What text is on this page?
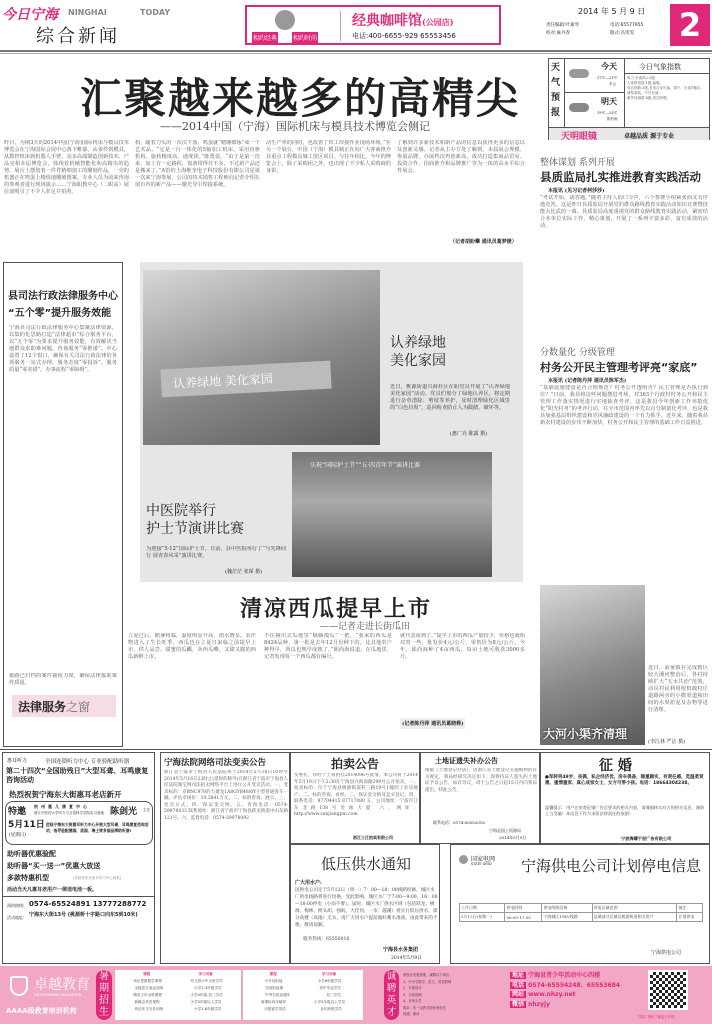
今日宁海 NINGHAI	TODAY
综合新闻	相约经典	相约时尚
经典咖啡馆(公园店)
电话:400-6655-929 65553456
2014 年 5 月 9 日
责任编辑:叶素琴	电话:65577955
校对:麻丹春	版式:冯雯雯 2
汇聚越来越多的高精尖
——2014中国（宁海）国际机床与模具技术博览会侧记
昨日，为期3天的2014中国(宁海)国际机床与模具技术博览会在宁海国际会展中心落下帷幕。从零件到模具，从数控机床到机器人手臂，众多高端制造创新技术、产品亮相本届博览会，体现着机械智能化和高精尖的趋势。展台上摆放着一件件精细加工的雕刻作品，一旁的机器正在鸣蛋上精炼地雕刻图案。专业人员为前来咨询的参观者进行现场演示……宁海职教中心（二职高）展位前吸引了不少人驻足并拍照。
构，随着刀头的一次次下落，鸣蛋就“精雕细琢”成一个艺术品。“它是一台一体化的5轴加工机床，采用直驱机构，旋转精度高，速度快。”陈勇说。“由于是第一次来，加上有一定路程，设备带得并不多，不过新产品还是搬来了。”A馆的上海维奎电子科技股份有限公司是第一次来宁海参展，公司的技术销售工程师向记者介绍在展台内的新产品——激光导引焊接系统。
动生产率的同时，也改善了焊工焊接作业现场环境。”在另一个展台，中国（宁海）模具城正在向广大客商推介县重点工程模具城工贸区项目。与往年相比，今年的博览会上，除了采购团之外，也出现了不少私人采购商的身影。
了解到许多新技术和新产品的信息以获得更多的信息以及创新灵感。记者从主办方处了解到，本届展会规模、参展品牌、办展档次再创新高，成功打造集商品贸易、投资合作、招商推介和品牌推广等为一体的高水平综合性展会。
（记者胡盼攀 通讯员葛梦捷）
天气预报
今天
17℃—21℃
多云
明天
19℃—25℃
阴有雨
今日气象指数
风力:东南风2-3级
人体舒适度:1级,偏暖。
穿衣指数:3级,宜适合穿长袖、裙子、长袖T恤衫、薄型套装、牛仔长裤。
紫外线指数:4级,须注防晒。
天明眼镜	卓越品质 源于专业
整体谋划 系列开展
县质监局扎实推进教育实践活动
本报讯 (见习记者柯莎莎)
“考试开始，请答题。”随着主持人的口令声，六个参赛小组紧张而又有序地竞答。这是昨日县质监局开展党的群众路线教育实践活动知识竞赛暨技能大比武的一幕。县质监局高度重视党的群众路线教育实践活动，紧密结合本单位实际工作，精心策划，开展了一系列丰富多彩、富有成效的活动。
分数量化 分级管理
村务公开民主管理考评亮“家底”
本报讯 (记者陈丹萍 通讯员陈军杰)
“基础设施建设是否合理规范？村务公开透明否？民主管理是否执行到位？”日前，我县将这些问题摆进考场，对363个行政村村务公开和民主管理工作落实情况进行实地抽查考评。这是我县今年创新工作举措优化“阳光村务”的考评行动，在全市范围内率先以百分制量化考评，也是我县加强基层组织建设和党风廉政建设的一个有力抓手。近年来，随着我县新农村建设的步伐不断加快，村务公开和民主管理的基础工作日益推进。
大河小渠齐清理
近日，前童镇在完成辖区较大溪河整治后，各村持续扩大“五水共治”范围，动员村民利用挖机疏村庄道路两旁的小微渠道和田间的水渠淤泥及杂物等进行清理。
(李江林 严洁 摄)
县司法行政法律服务中心
“五个零”提升服务效能
宁海县司法行政法律服务中心集聚法律资源，以集约化思路打造“法律超市”综合服务平台，以“五个零”为要求提升服务效能，有效解决当地群众求助难问题。咨询服务“零推诿”。中心设置了12个窗口，确保有关司法行政法律的各项服务一站式办理。服务态度“零投诉”。服务质量“零差错”。办事流程“零障碍”。
拨路已归档的案件抽检力度，确保法律援助案件质量。
法律服务之窗
认养绿地 美化家园
认养绿地
美化家园
近日，桃源街道兴海社区在职党员开展了“认养绿地 美化家园”活动。党员们划分了绿地认养区，将定期进行杂草清除、剪枝等养护，及时清理绿化区域里的“白色垃圾”，巡回检查防止人为践踏、破坏等。
(惠广亮 陈露 摄)
庆祝“国际护士节”“五·四青年节”演讲比赛
中医院举行
护士节演讲比赛
为迎接“5·12”国际护士节，日前，县中医院举行了“与先锋同行 展青春风采”演讲比赛。
(魏茫茫 张琛 摄)
清凉西瓜提早上市
——记者走进长街瓜田
立夏过后，酷暑将临，温度明显升高，雨水增多，农作物进入了生长旺季。西瓜也在立夏日来临之前提早上市，供人品尝。甜蜜的瓜瓤，卖西瓜嘞，又甜又脆的西瓜新鲜上市。
不住摘出去瓜地里“顺藤摸瓜”一把。“我家的西瓜是8424品种，第一批是去年12月份种下的，比其他农户种得早，所以也熟早成熟了。”邱尚海说道。在瓜地里，记者发现每一个西瓜都有编号。
就代表成熟了。”提早上市的西瓜产量较少，价格也就相对贵一些，批发价4元/公斤，零售价为8元/公斤。今年，邱尚海种了4亩西瓜，每亩土地可收获3000多斤。
(记者陈丹萍 通讯员葛晓桦)
惠耳听力	全国连锁听力中心 专业验配助听器
第二十四次“全国助残日”大型耳聋、耳鸣康复咨询活动
热烈祝贺宁海东大街惠耳老店新开
特邀
杭州惠儿康复中心
浙江中医药大学听力与言语科学学院实习基地 陈剑光 主任
5月11日
(星期日)
莅临宁海东大街惠耳听力中心开展大型耳聋、耳鸣康复咨询活动，指导验配德国、美国、瑞士等多国品牌助听器!
助听器优惠验配
助听器“买一送一”优惠大放送
多款特惠机型	(详情请见各惠耳听力中心海报)
活动当天凡惠耳老用户一律送电池一板。
预约热线: 0574-65524891 13777288772
活动地址: 宁海东大街13号 (桃源桥十字路口向东5到10米)
宁海法院网络司法变卖公告
浙江省宁波市宁海县人民法院将于2014年5月16日10时至2014年5月16日22时止(延时的除外)在浙江省宁波市宁海县人民法院淘宝网司法拍卖网络平台上进行公开变卖活动。一、变卖标的：京BNC978的大捷龙1A8GYB48/6Y小型普通客车一辆。评估市场价：10.2841万元。二、标的咨询、展示。三、变卖方式。四、保证金交纳。五、咨询电话：0574-59978033 联系地址：浙江省宁波市宁海县跃龙街道中山东路121号。六、监督电话：0574-59978092
拍卖公告
受委托，拜经宁土资拍挂2014096号批准，本公司将于2014年5月19日下午2:30在宁海县兴海南路299号公开拍卖。一、拍卖标的：位于宁海县桃源街道科三路19号1幢的工业房地产。二、标的咨询、看样。三、保证金交纳及竞买登记。四、联系电话：87704415 87717080 五、公司地址：宁波市江东北路138号金瓯大厦 六、网址：http://www.sanjiangpm.com
浙江三江拍卖有限公司
土地证遗失补办公告
根据《土地登记办法》，因浙江省土地登记实施细则的有关规定，我局经研究决定如下：现将持证人遗失的土地证予以公告，如有异议，请于公告之日起15日内向我局提出。特此公告。
联系电话：0574-65552016
宁海县国土资源局
2014年5月9日
征 婚
●军转男49岁，丧偶，私企经济优，房车俱备，稳重踏实，有责任感，觅温柔贤惠、重情重家、真心成家女士，女方可带小孩。电话：18664304238。
温馨提示：用户在审查征婚广告后要求的相关内容，请谨慎核实对方的相关信息，谨防上当受骗！本信息不作为承担法律责任的依据！
宁波海曙于辰广告有限公司
低压供水通知
广大用水户:
因供电公司定于5月12日（周一）7：00—18：00线路检修，城区水厂供电线路将进行切换，受此影响，城区水厂于7:00—9:00、16：00—18:00停电（小雨不要）。届时，城区水厂供水区域（包括跃龙、桃源、梅林、桥头胡、强蛟、大佳何、一市、越溪）将实行低压供水，部分高楼（高地）无水，请广大用水户提前做好蓄水准备，由此带来的不便，敬请谅解。
服务热线：65550018
宁海县水务集团
2014年5月9日
国家电网
STATE GRID 宁海供电公司计划停电信息
工作日期	停电时间	停电线路设备	停电区域范围	备注
5月12日(星期一)	06:00-17:00	宁海城区10kV线路	县城部分区域及桃源街道相关用户	计划停电
宁海供电公司
卓越教育
OUTSTANDING EDUCATION
AAAA级教育培训机构
暑期招生
课程	学习对象
快乐思维数学课程	幼儿园小中大班学员
全能语文表达训练	小学1-3年级学员
精英少年全科课程	小学4年级-初三学员
新概念英语课程	小学3年级以上学员
快乐作文写作训练	小学1-6年级学员
课程	学习对象
小升初衔接	小学6年级学员
初高衔接课	初中毕业学员
中考名校直通车	初三学员
新课标同步辅导	小学3年级以上学员
出国留学英语	各年龄段学员
诚聘英才
因校区发展需要，诚聘以下岗位：
1、中小学数学、语文、英语教师
2、平面设计
3、行政管理
4、市场专员
要求：有一定教学经验者优先
待遇：面谈
地址 宁海县青少年活动中心四楼
电话 0574-65554248、65553684
网站 www.nhzy.net
微信 nhzyjy
扫描二维码了解更多详情
